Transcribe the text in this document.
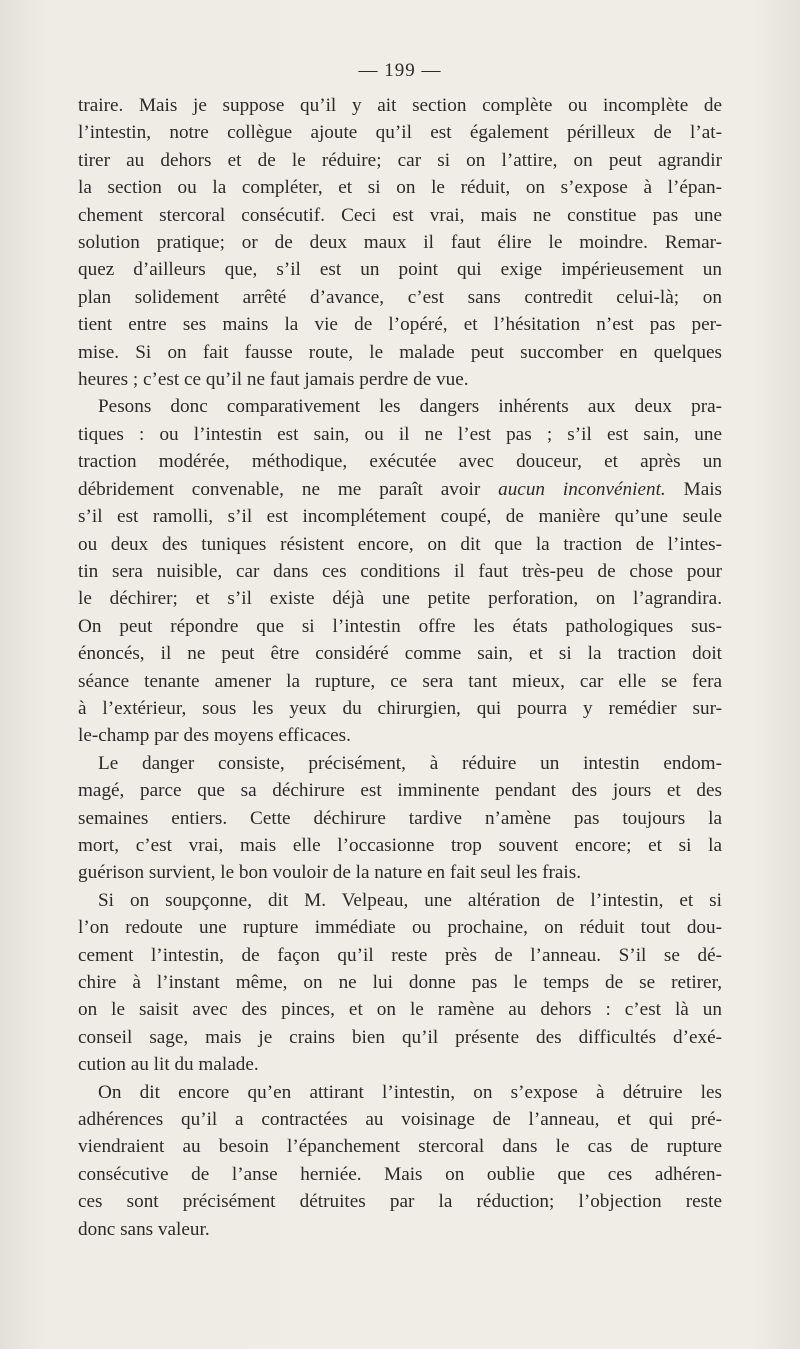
— 199 —

traire. Mais je suppose qu’il y ait section complète ou incomplète de

l’intestin, notre collègue ajoute qu’il est également périlleux de l’at-

tirer au dehors et de le réduire; car si on l’attire, on peut agrandir

la section ou la compléter, et si on le réduit, on s’expose à l’épan-

chement stercoral consécutif. Ceci est vrai, mais ne constitue pas une

solution pratique; or de deux maux il faut élire le moindre. Remar-

quez d’ailleurs que, s’il est un point qui exige impérieusement un

plan solidement arrêté d’avance, c’est sans contredit celui-là; on

tient entre ses mains la vie de l’opéré, et l’hésitation n’est pas per-

mise. Si on fait fausse route, le malade peut succomber en quelques

heures ; c’est ce qu’il ne faut jamais perdre de vue.

Pesons donc comparativement les dangers inhérents aux deux pra-

tiques : ou l’intestin est sain, ou il ne l’est pas ; s’il est sain, une

traction modérée, méthodique, exécutée avec douceur, et après un

débridement convenable, ne me paraît avoir aucun inconvénient. Mais

s’il est ramolli, s’il est incomplétement coupé, de manière qu’une seule

ou deux des tuniques résistent encore, on dit que la traction de l’intes-

tin sera nuisible, car dans ces conditions il faut très-peu de chose pour

le déchirer; et s’il existe déjà une petite perforation, on l’agrandira.

On peut répondre que si l’intestin offre les états pathologiques sus-

énoncés, il ne peut être considéré comme sain, et si la traction doit

séance tenante amener la rupture, ce sera tant mieux, car elle se fera

à l’extérieur, sous les yeux du chirurgien, qui pourra y remédier sur-

le-champ par des moyens efficaces.

Le danger consiste, précisément, à réduire un intestin endom-

magé, parce que sa déchirure est imminente pendant des jours et des

semaines entiers. Cette déchirure tardive n’amène pas toujours la

mort, c’est vrai, mais elle l’occasionne trop souvent encore; et si la

guérison survient, le bon vouloir de la nature en fait seul les frais.

Si on soupçonne, dit M. Velpeau, une altération de l’intestin, et si

l’on redoute une rupture immédiate ou prochaine, on réduit tout dou-

cement l’intestin, de façon qu’il reste près de l’anneau. S’il se dé-

chire à l’instant même, on ne lui donne pas le temps de se retirer,

on le saisit avec des pinces, et on le ramène au dehors : c’est là un

conseil sage, mais je crains bien qu’il présente des difficultés d’exé-

cution au lit du malade.

On dit encore qu’en attirant l’intestin, on s’expose à détruire les

adhérences qu’il a contractées au voisinage de l’anneau, et qui pré-

viendraient au besoin l’épanchement stercoral dans le cas de rupture

consécutive de l’anse herniée. Mais on oublie que ces adhéren-

ces sont précisément détruites par la réduction; l’objection reste

donc sans valeur.
